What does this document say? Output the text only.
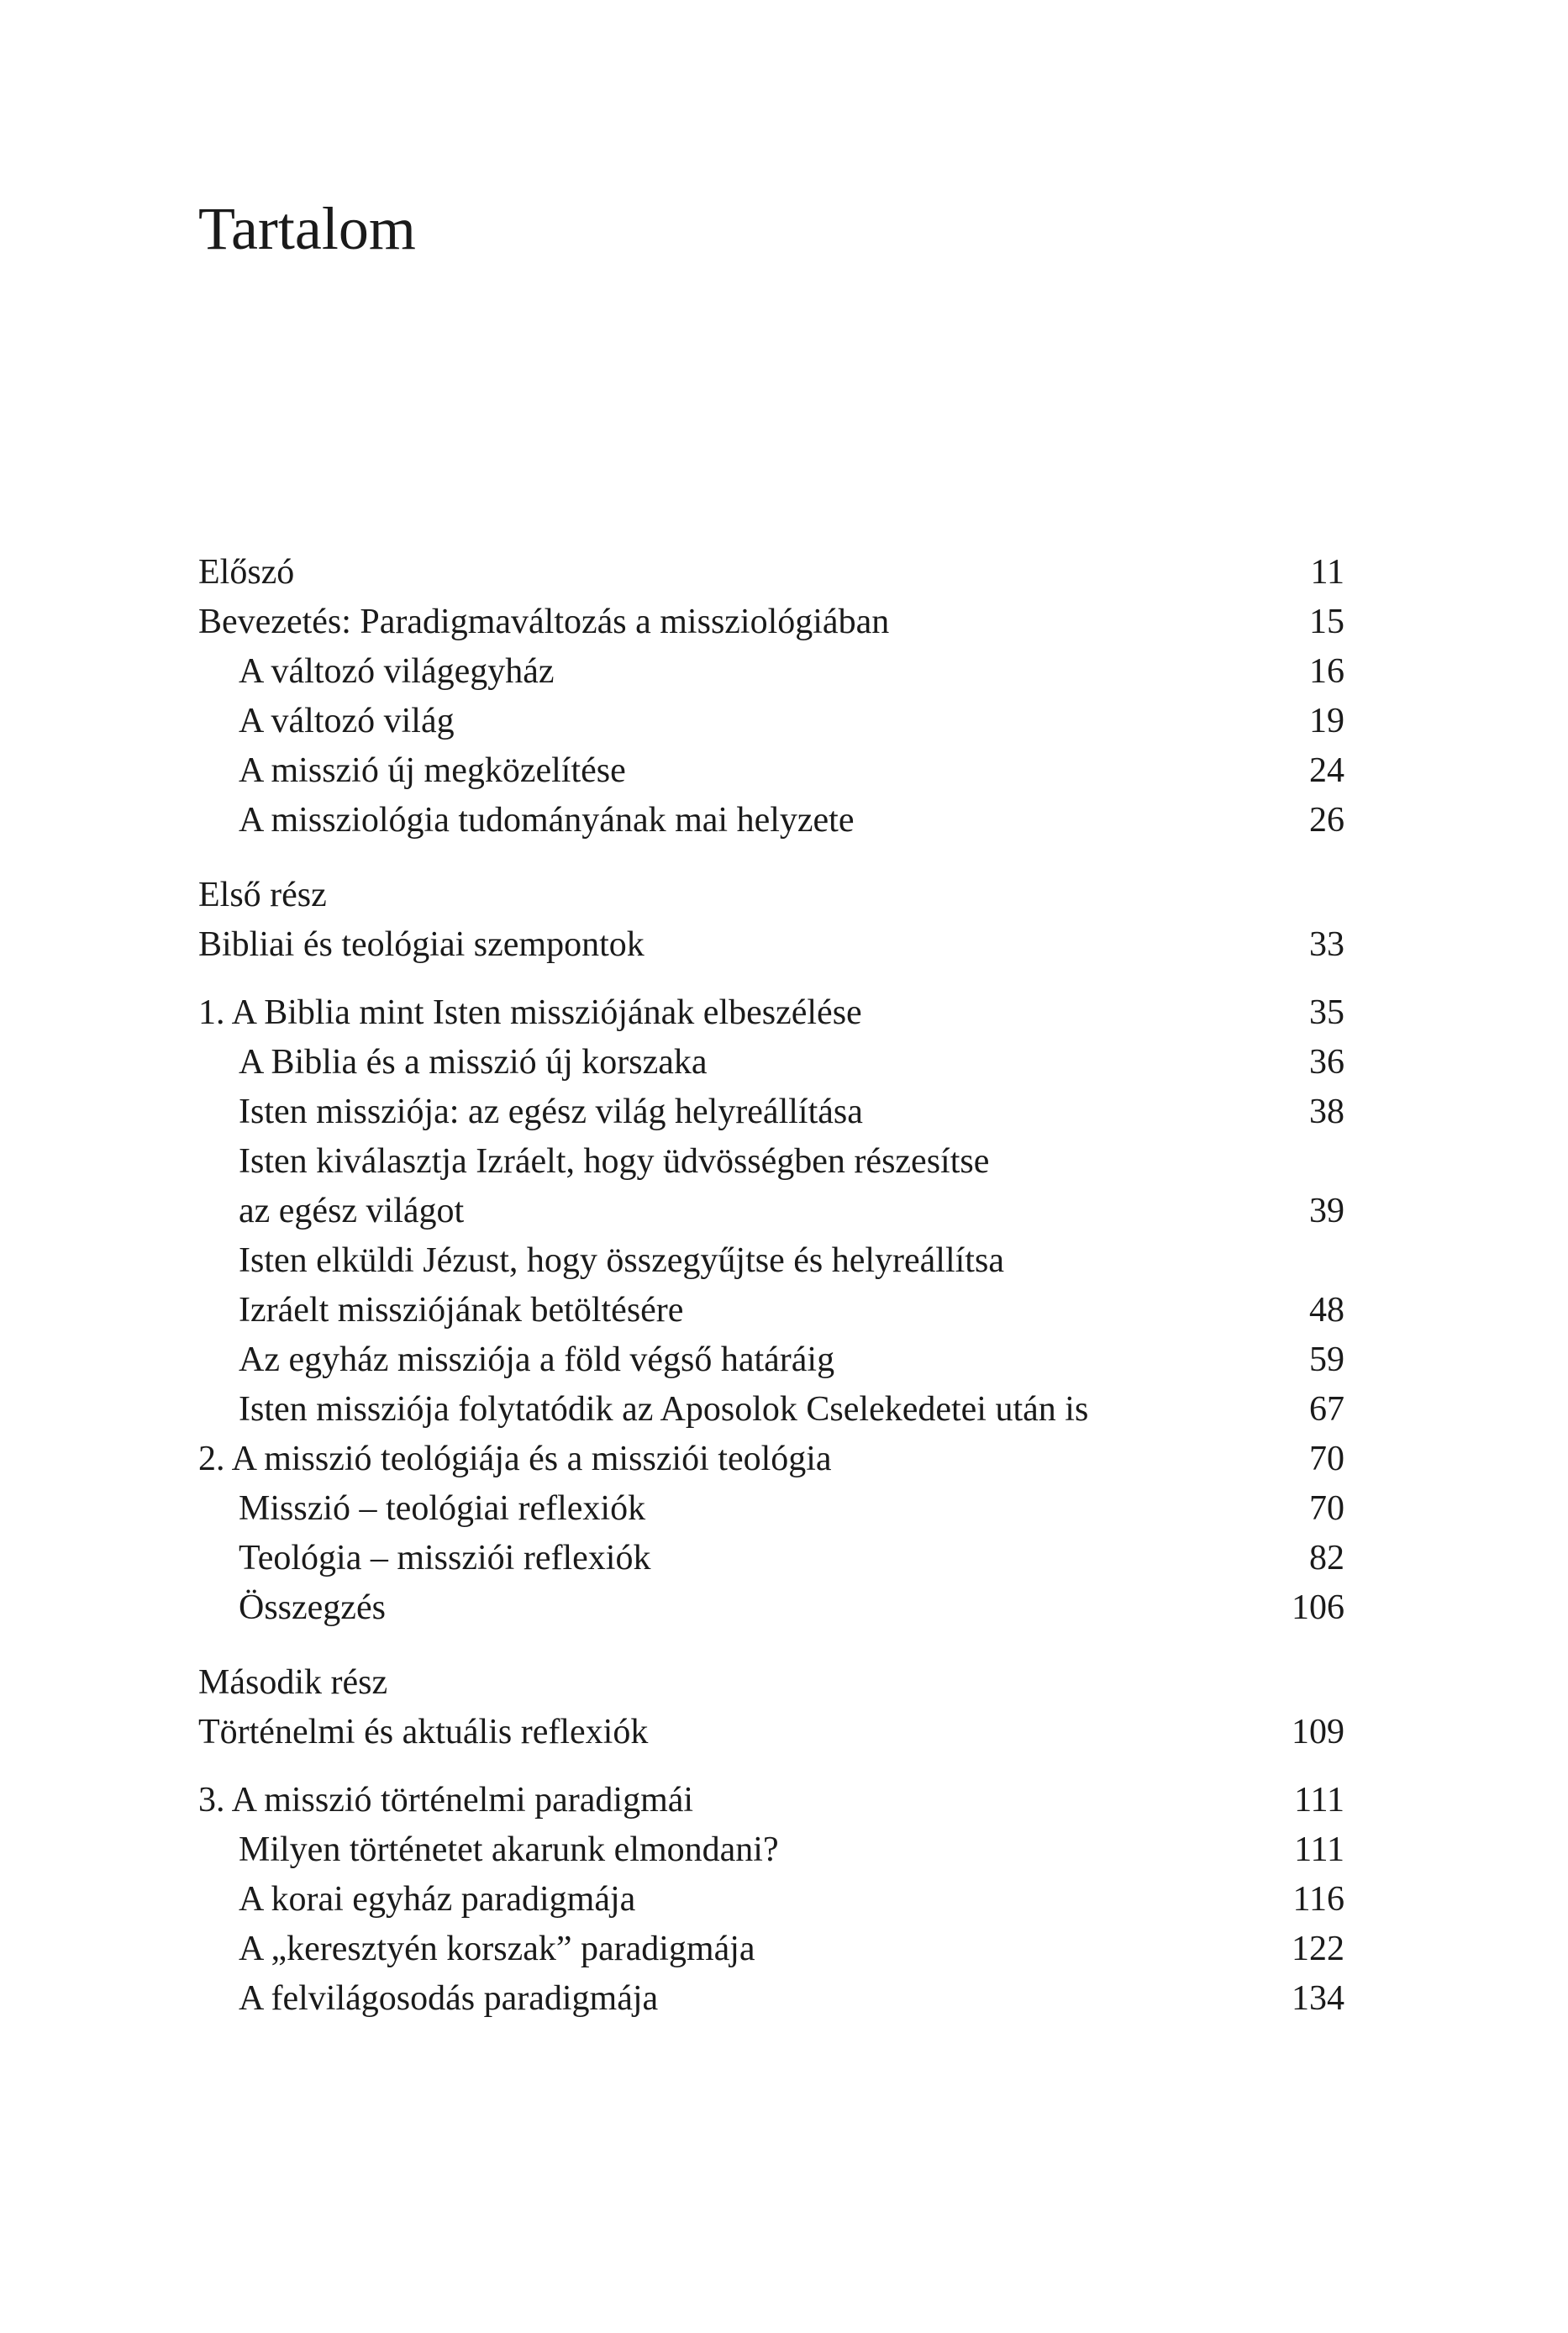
Tartalom
Előszó	11
Bevezetés: Paradigmaváltozás a missziológiában	15
A változó világegyház	16
A változó világ	19
A misszió új megközelítése	24
A missziológia tudományának mai helyzete	26
Első rész
Bibliai és teológiai szempontok	33
1. A Biblia mint Isten missziójának elbeszélése	35
A Biblia és a misszió új korszaka	36
Isten missziója: az egész világ helyreállítása	38
Isten kiválasztja Izráelt, hogy üdvösségben részesítse
az egész világot	39
Isten elküldi Jézust, hogy összegyűjtse és helyreállítsa
Izráelt missziójának betöltésére	48
Az egyház missziója a föld végső határáig	59
Isten missziója folytatódik az Aposolok Cselekedetei után is	67
2. A misszió teológiája és a missziói teológia	70
Misszió – teológiai reflexiók	70
Teológia – missziói reflexiók	82
Összegzés	106
Második rész
Történelmi és aktuális reflexiók	109
3. A misszió történelmi paradigmái	111
Milyen történetet akarunk elmondani?	111
A korai egyház paradigmája	116
A „keresztyén korszak” paradigmája	122
A felvilágosodás paradigmája	134
